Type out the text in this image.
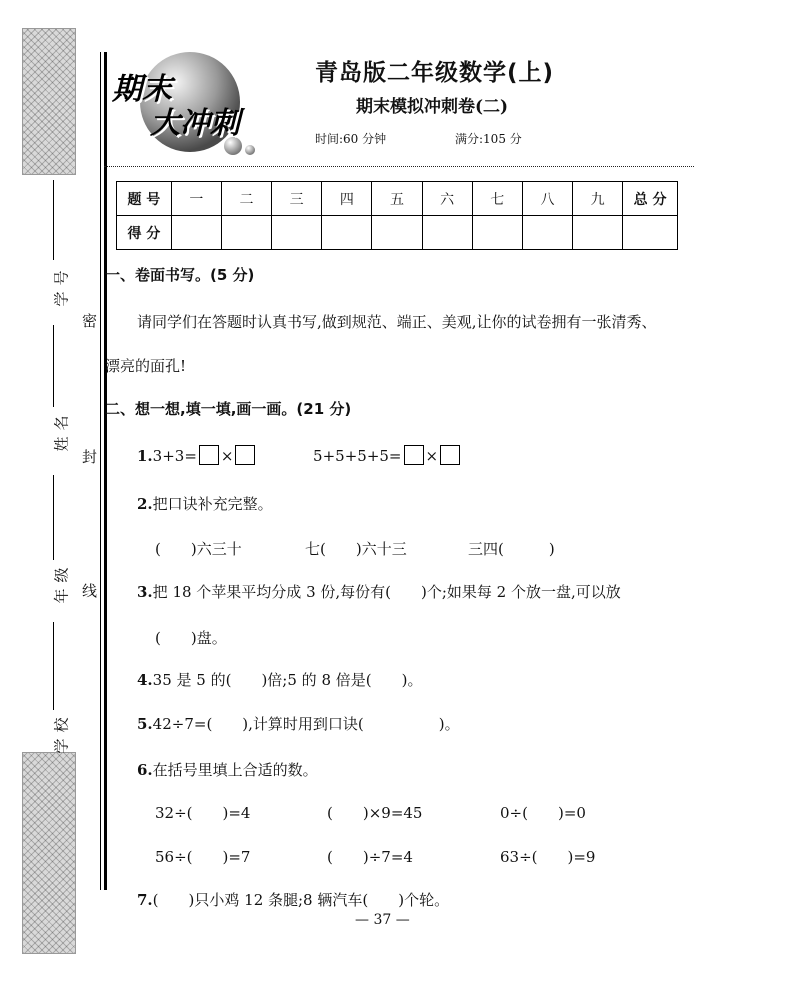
学号
姓名
年级
学校
密
封
线
期末
大冲刺
青岛版二年级数学(上)
期末模拟冲刺卷(二)
时间:60 分钟	满分:105 分
题 号	一	二	三	四	五	六	七	八	九	总 分
得 分										
一、卷面书写。(5 分)
请同学们在答题时认真书写,做到规范、端正、美观,让你的试卷拥有一张清秀、
漂亮的面孔!
二、想一想,填一填,画一画。(21 分)
1.3+3= ×	5+5+5+5= ×
2.把口诀补充完整。
(　　)六三十	七(　　)六十三	三四(　　　)
3.把 18 个苹果平均分成 3 份,每份有(　　)个;如果每 2 个放一盘,可以放
(　　)盘。
4.35 是 5 的(　　)倍;5 的 8 倍是(　　)。
5.42÷7=(　　),计算时用到口诀(　　　　　)。
6.在括号里填上合适的数。
32÷(　　)=4	(　　)×9=45	0÷(　　)=0
56÷(　　)=7	(　　)÷7=4	63÷(　　)=9
7.(　　)只小鸡 12 条腿;8 辆汽车(　　)个轮。
— 37 —
